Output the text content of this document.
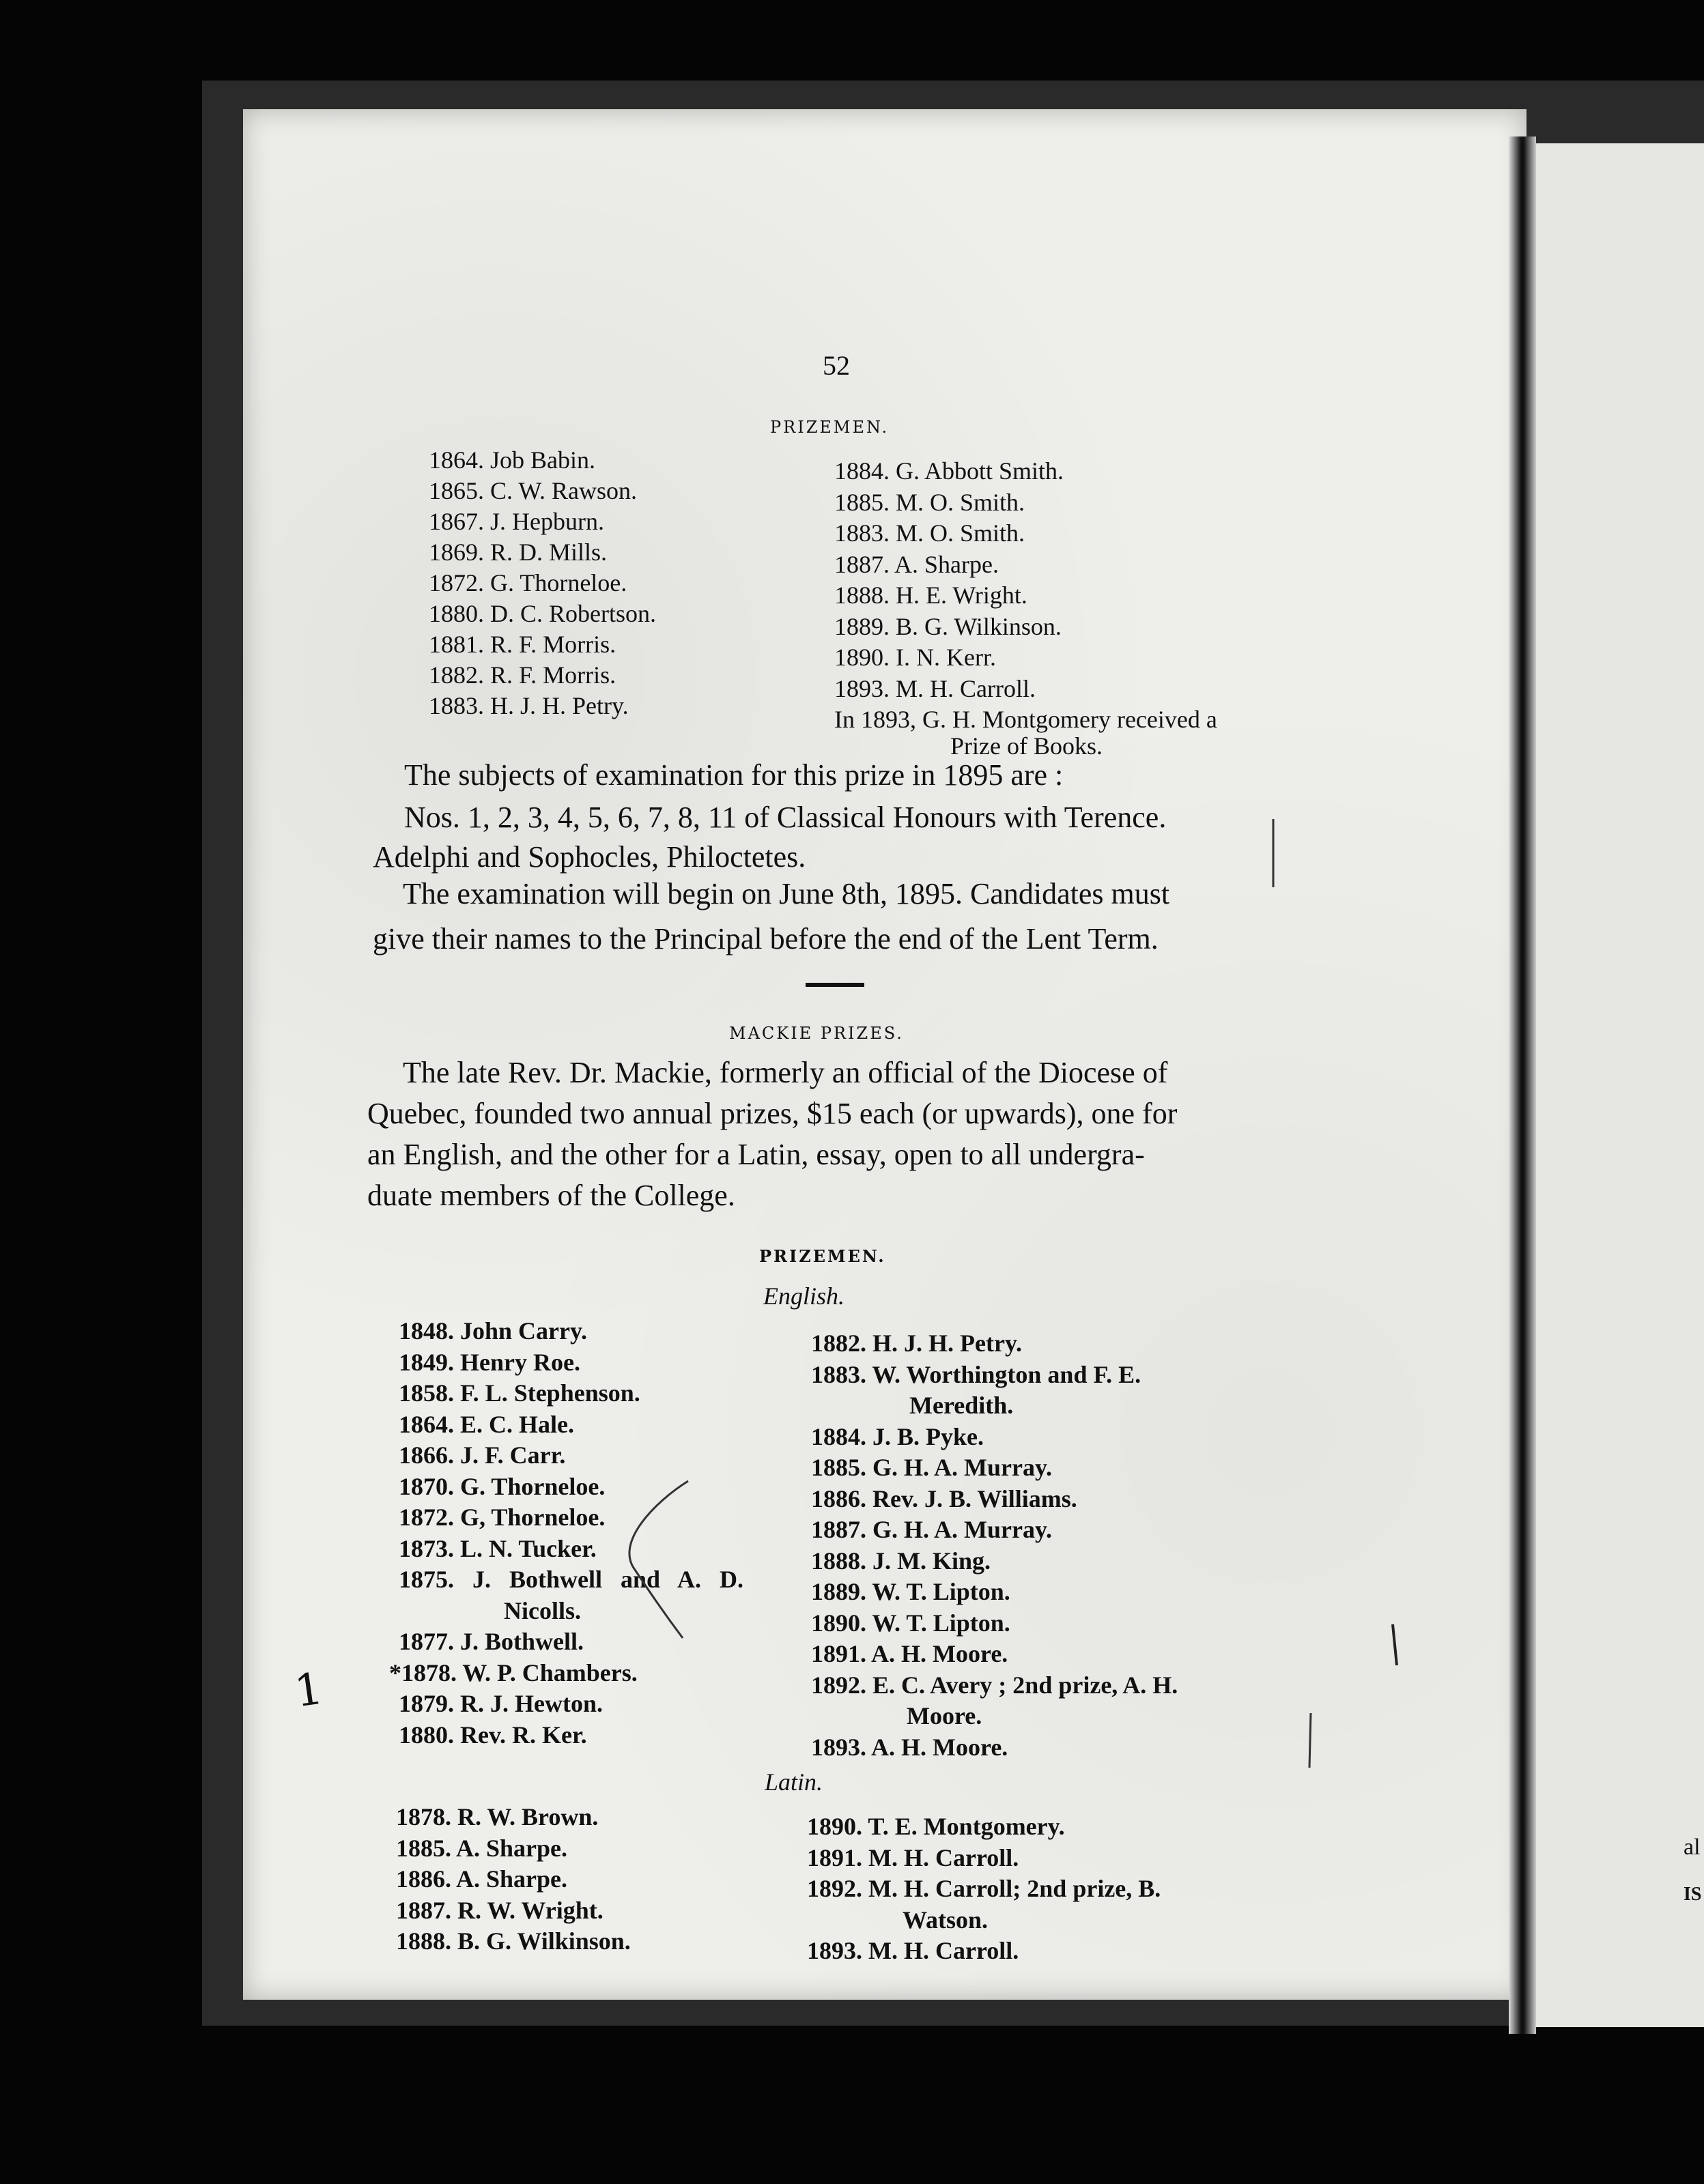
al
IS
52
PRIZEMEN.
1864. Job Babin.
1865. C. W. Rawson.
1867. J. Hepburn.
1869. R. D. Mills.
1872. G. Thorneloe.
1880. D. C. Robertson.
1881. R. F. Morris.
1882. R. F. Morris.
1883. H. J. H. Petry.
1884. G. Abbott Smith.
1885. M. O. Smith.
1883. M. O. Smith.
1887. A. Sharpe.
1888. H. E. Wright.
1889. B. G. Wilkinson.
1890. I. N. Kerr.
1893. M. H. Carroll.
In 1893, G. H. Montgomery received a
Prize of Books.
The subjects of examination for this prize in 1895 are :
Nos. 1, 2, 3, 4, 5, 6, 7, 8, 11 of Classical Honours with Terence.
Adelphi and Sophocles, Philoctetes.
The examination will begin on June 8th, 1895. Candidates must
give their names to the Principal before the end of the Lent Term.
MACKIE PRIZES.
The late Rev. Dr. Mackie, formerly an official of the Diocese of
Quebec, founded two annual prizes, $15 each (or upwards), one for
an English, and the other for a Latin, essay, open to all undergra-
duate members of the College.
PRIZEMEN.
English.
1848. John Carry.
1849. Henry Roe.
1858. F. L. Stephenson.
1864. E. C. Hale.
1866. J. F. Carr.
1870. G. Thorneloe.
1872. G, Thorneloe.
1873. L. N. Tucker.
1875. J. Bothwell and A. D.
Nicolls.
1877. J. Bothwell.
*1878. W. P. Chambers.
1879. R. J. Hewton.
1880. Rev. R. Ker.
1882. H. J. H. Petry.
1883. W. Worthington and F. E.
Meredith.
1884. J. B. Pyke.
1885. G. H. A. Murray.
1886. Rev. J. B. Williams.
1887. G. H. A. Murray.
1888. J. M. King.
1889. W. T. Lipton.
1890. W. T. Lipton.
1891. A. H. Moore.
1892. E. C. Avery ; 2nd prize, A. H.
Moore.
1893. A. H. Moore.
Latin.
1878. R. W. Brown.
1885. A. Sharpe.
1886. A. Sharpe.
1887. R. W. Wright.
1888. B. G. Wilkinson.
1890. T. E. Montgomery.
1891. M. H. Carroll.
1892. M. H. Carroll; 2nd prize, B.
Watson.
1893. M. H. Carroll.
1
